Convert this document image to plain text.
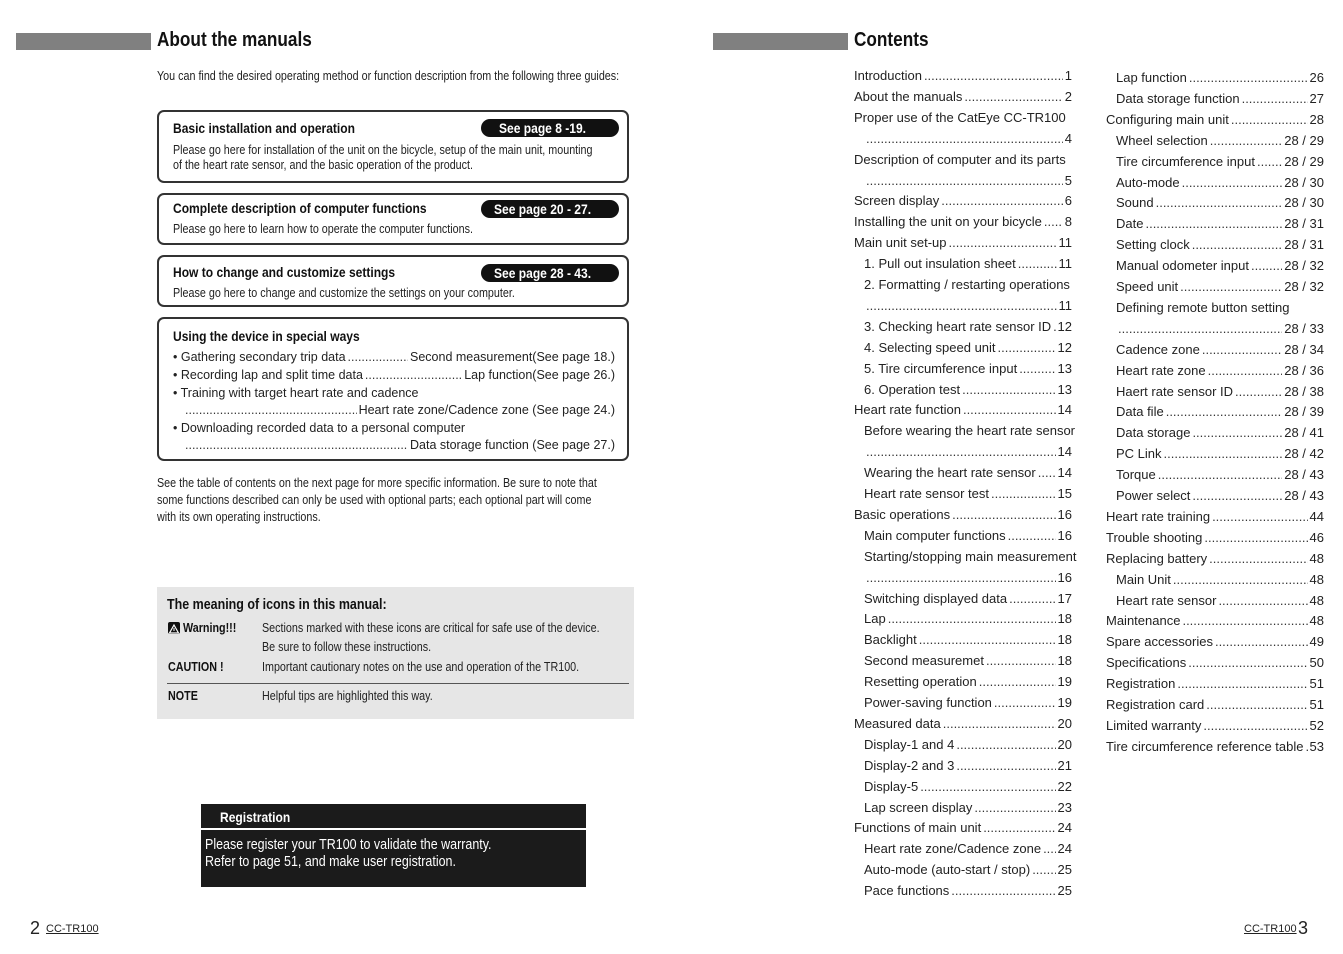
About the manuals
You can find the desired operating method or function description from the following three guides:
Basic installation and operation	See page 8 -19.
Please go here for installation of the unit on the bicycle, setup of the main unit, mounting
of the heart rate sensor, and the basic operation of the product.
Complete description of computer functions	See page 20 - 27.
Please go here to learn how to operate the computer functions.
How to change and customize settings	See page 28 - 43.
Please go here to change and customize the settings on your computer.
Using the device in special ways
• Gathering secondary trip data .....	Second measurement(See page 18.)
• Recording lap and split time data .....	Lap function(See page 26.)
• Training with target heart rate and cadence
.....
Heart rate zone/Cadence zone (See page 24.)
• Downloading recorded data to a personal computer
.....
Data storage function (See page 27.)
See the table of contents on the next page for more specific information. Be sure to note that
some functions described can only be used with optional parts; each optional part will come
with its own operating instructions.
The meaning of icons in this manual:
Warning!!! Sections marked with these icons are critical for safe use of the device.
Be sure to follow these instructions.
CAUTION !	Important cautionary notes on the use and operation of the TR100.
NOTE	Helpful tips are highlighted this way.
Registration
Please register your TR100 to validate the warranty.
Refer to page 51, and make user registration.
2 CC-TR100
Contents
Introduction .....	1
About the manuals .....	2
Proper use of the CatEye CC-TR100
.....
4
Description of computer and its parts
.....
5
Screen display .....	6
Installing the unit on your bicycle ..... 8
Main unit set-up .....	11
1. Pull out insulation sheet .....	11
2. Formatting / restarting operations
.....
11
3. Checking heart rate sensor ID ..... 12
4. Selecting speed unit .....	12
5. Tire circumference input .....	13
6. Operation test .....	13
Heart rate function .....	14
Before wearing the heart rate sensor
.....
14
Wearing the heart rate sensor ..... 14
Heart rate sensor test .....	15
Basic operations .....	16
Main computer functions .....	16
Starting/stopping main measurement
.....
16
Switching displayed data .....	17
Lap .....	18
Backlight .....	18
Second measuremet .....	18
Resetting operation .....	19
Power-saving function .....	19
Measured data .....	20
Display-1 and 4 .....	20
Display-2 and 3 .....	21
Display-5 .....	22
Lap screen display .....	23
Functions of main unit .....	24
Heart rate zone/Cadence zone ..... 24
Auto-mode (auto-start / stop) ..... 25
Pace functions .....	25
Lap function .....	26
Data storage function .....	27
Configuring main unit .....	28
Wheel selection .....	28 / 29
Tire circumference input ..... 28 / 29
Auto-mode .....	28 / 30
Sound .....	28 / 30
Date .....	28 / 31
Setting clock .....	28 / 31
Manual odometer input .....	28 / 32
Speed unit .....	28 / 32
Defining remote button setting
.....
28 / 33
Cadence zone .....	28 / 34
Heart rate zone .....	28 / 36
Haert rate sensor ID .....	28 / 38
Data file .....	28 / 39
Data storage .....	28 / 41
PC Link .....	28 / 42
Torque .....	28 / 43
Power select .....	28 / 43
Heart rate training .....	44
Trouble shooting .....	46
Replacing battery .....	48
Main Unit .....	48
Heart rate sensor .....	48
Maintenance .....	48
Spare accessories .....	49
Specifications .....	50
Registration .....	51
Registration card .....	51
Limited warranty .....	52
Tire circumference reference table ..... 53
CC-TR100 3
